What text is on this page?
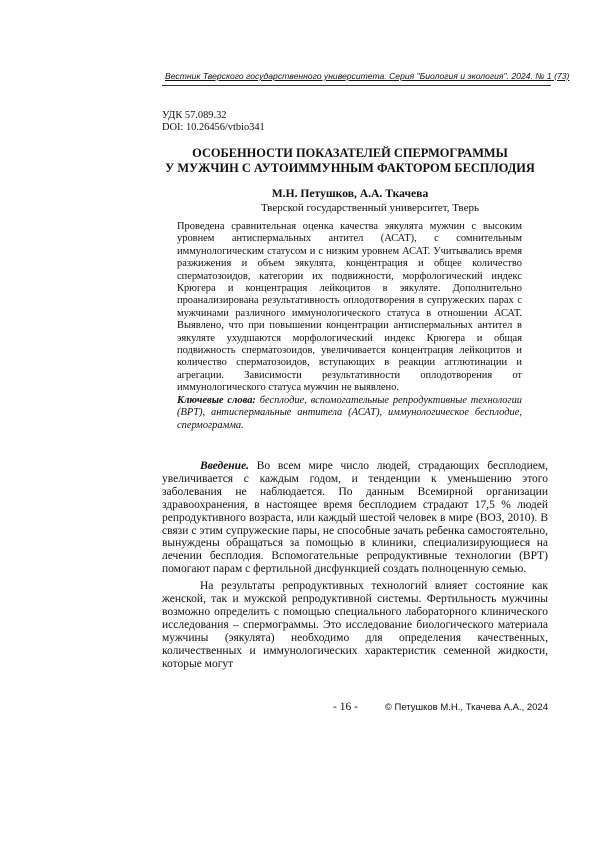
Вестник Тверского государственного университета. Серия "Биология и экология". 2024. № 1 (73)
УДК 57.089.32
DOI: 10.26456/vtbio341
ОСОБЕННОСТИ ПОКАЗАТЕЛЕЙ СПЕРМОГРАММЫ
У МУЖЧИН С АУТОИММУННЫМ ФАКТОРОМ БЕСПЛОДИЯ
М.Н. Петушков, А.А. Ткачева
Тверской государственный университет, Тверь

Проведена сравнительная оценка качества эякулята мужчин с высоким уровнем антиспермальных антител (АСАТ), с сомнительным иммунологическим статусом и с низким уровнем АСАТ. Учитывались время разжижения и объем эякулята, концентрация и общее количество сперматозоидов, категории их подвижности, морфологический индекс Крюгера и концентрация лейкоцитов в эякуляте. Дополнительно проанализирована результативность оплодотворения в супружеских парах с мужчинами различного иммунологического статуса в отношении АСАТ. Выявлено, что при повышении концентрации антиспермальных антител в эякуляте ухудшаются морфологический индекс Крюгера и общая подвижность сперматозоидов, увеличивается концентрация лейкоцитов и количество сперматозоидов, вступающих в реакции агглютинации и агрегации. Зависимости результативности оплодотворения от иммунологического статуса мужчин не выявлено.

Ключевые слова: бесплодие, вспомогательные репродуктивные технологии (ВРТ), антиспермальные антитела (АСАТ), иммунологическое бесплодие, спермограмма.

Введение. Во всем мире число людей, страдающих бесплодием, увеличивается с каждым годом, и тенденции к уменьшению этого заболевания не наблюдается. По данным Всемирной организации здравоохранения, в настоящее время бесплодием страдают 17,5 % людей репродуктивного возраста, или каждый шестой человек в мире (ВОЗ, 2010). В связи с этим супружеские пары, не способные зачать ребенка самостоятельно, вынуждены обращаться за помощью в клиники, специализирующиеся на лечении бесплодия. Вспомогательные репродуктивные технологии (ВРТ) помогают парам с фертильной дисфункцией создать полноценную семью.

На результаты репродуктивных технологий влияет состояние как женской, так и мужской репродуктивной системы. Фертильность мужчины возможно определить с помощью специального лабораторного клинического исследования – спермограммы. Это исследование биологического материала мужчины (эякулята) необходимо для определения качественных, количественных и иммунологических характеристик семенной жидкости, которые могут

- 16 -	© Петушков М.Н., Ткачева А.А., 2024
